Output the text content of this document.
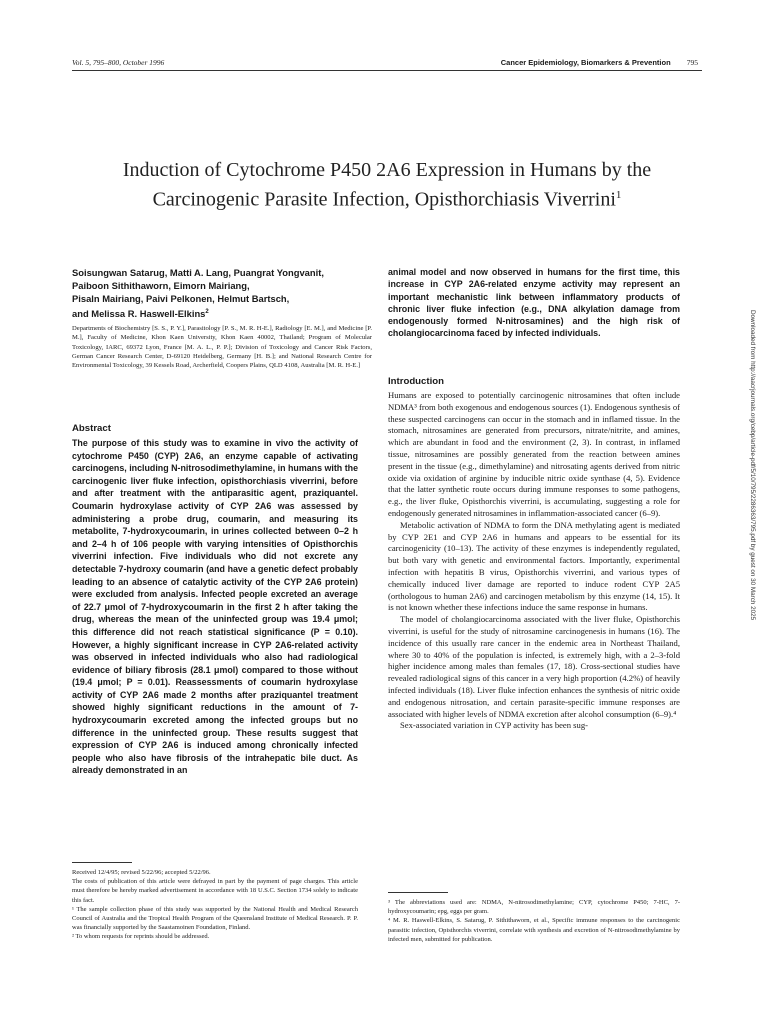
Vol. 5, 795–800, October 1996	Cancer Epidemiology, Biomarkers & Prevention 795
Induction of Cytochrome P450 2A6 Expression in Humans by the
Carcinogenic Parasite Infection, Opisthorchiasis Viverrini$^1$
Soisungwan Satarug, Matti A. Lang, Puangrat Yongvanit,
Paiboon Sithithaworn, Eimorn Mairiang,
Pisaln Mairiang, Paivi Pelkonen, Helmut Bartsch,
and Melissa R. Haswell-Elkins$^2$
Departments of Biochemistry [S. S., P. Y.], Parasitology [P. S., M. R. H-E.], Radiology [E. M.], and Medicine [P. M.], Faculty of Medicine, Khon Kaen University, Khon Kaen 40002, Thailand; Program of Molecular Toxicology, IARC, 69372 Lyon, France [M. A. L., P. P.]; Division of Toxicology and Cancer Risk Factors, German Cancer Research Center, D-69120 Heidelberg, Germany [H. B.]; and National Research Centre for Environmental Toxicology, 39 Kessels Road, Archerfield, Coopers Plains, QLD 4108, Australia [M. R. H-E.]
Abstract
The purpose of this study was to examine in vivo the activity of cytochrome P450 (CYP) 2A6, an enzyme capable of activating carcinogens, including N-nitrosodimethylamine, in humans with the carcinogenic liver fluke infection, opisthorchiasis viverrini, before and after treatment with the antiparasitic agent, praziquantel. Coumarin hydroxylase activity of CYP 2A6 was assessed by administering a probe drug, coumarin, and measuring its metabolite, 7-hydroxycoumarin, in urines collected between 0–2 h and 2–4 h of 106 people with varying intensities of Opisthorchis viverrini infection. Five individuals who did not excrete any detectable 7-hydroxy coumarin (and have a genetic defect probably leading to an absence of catalytic activity of the CYP 2A6 protein) were excluded from analysis. Infected people excreted an average of 22.7 μmol of 7-hydroxycoumarin in the first 2 h after taking the drug, whereas the mean of the uninfected group was 19.4 μmol; this difference did not reach statistical significance (P = 0.10). However, a highly significant increase in CYP 2A6-related activity was observed in infected individuals who also had radiological evidence of biliary fibrosis (28.1 μmol) compared to those without (19.4 μmol; P = 0.01). Reassessments of coumarin hydroxylase activity of CYP 2A6 made 2 months after praziquantel treatment showed highly significant reductions in the amount of 7-hydroxycoumarin excreted among the infected groups but no difference in the uninfected group. These results suggest that expression of CYP 2A6 is induced among chronically infected people who also have fibrosis of the intrahepatic bile duct. As already demonstrated in an
animal model and now observed in humans for the first time, this increase in CYP 2A6-related enzyme activity may represent an important mechanistic link between inflammatory products of chronic liver fluke infection (e.g., DNA alkylation damage from endogenously formed N-nitrosamines) and the high risk of cholangiocarcinoma faced by infected individuals.
Introduction

Humans are exposed to potentially carcinogenic nitrosamines that often include NDMA³ from both exogenous and endogenous sources (1). Endogenous synthesis of these suspected carcinogens can occur in the stomach and in inflamed tissue. In the stomach, nitrosamines are generated from precursors, nitrate/nitrite, and amines, which are abundant in food and the environment (2, 3). In contrast, in inflamed tissue, nitrosamines are possibly generated from the reaction between amines present in the tissue (e.g., dimethylamine) and nitrosating agents derived from nitric oxide via oxidation of arginine by inducible nitric oxide synthase (4, 5). Evidence that the latter synthetic route occurs during immune responses to some pathogens, e.g., the liver fluke, Opisthorchis viverrini, is accumulating, suggesting a role for endogenously generated nitrosamines in inflammation-associated cancer (6–9).

Metabolic activation of NDMA to form the DNA methylating agent is mediated by CYP 2E1 and CYP 2A6 in humans and appears to be essential for its carcinogenicity (10–13). The activity of these enzymes is independently regulated, but both vary with genetic and environmental factors. Importantly, experimental infection with hepatitis B virus, Opisthorchis viverrini, and various types of chemically induced liver damage are reported to induce rodent CYP 2A5 (orthologous to human 2A6) and carcinogen metabolism by this enzyme (14, 15). It is not known whether these infections induce the same response in humans.

The model of cholangiocarcinoma associated with the liver fluke, Opisthorchis viverrini, is useful for the study of nitrosamine carcinogenesis in humans (16). The incidence of this usually rare cancer in the endemic area in Northeast Thailand, where 30 to 40% of the population is infected, is extremely high, with a 2–3-fold higher incidence among males than females (17, 18). Cross-sectional studies have revealed radiological signs of this cancer in a very high proportion (4.2%) of heavily infected individuals (18). Liver fluke infection enhances the synthesis of nitric oxide and endogenous nitrosation, and certain parasite-specific immune responses are associated with higher levels of NDMA excretion after alcohol consumption (6–9).⁴

Sex-associated variation in CYP activity has been sug-

Received 12/4/95; revised 5/22/96; accepted 5/22/96.
The costs of publication of this article were defrayed in part by the payment of page charges. This article must therefore be hereby marked advertisement in accordance with 18 U.S.C. Section 1734 solely to indicate this fact.
¹ The sample collection phase of this study was supported by the National Health and Medical Research Council of Australia and the Tropical Health Program of the Queensland Institute of Medical Research. P. P. was financially supported by the Saastamoinen Foundation, Finland.
² To whom requests for reprints should be addressed.
³ The abbreviations used are: NDMA, N-nitrosodimethylamine; CYP, cytochrome P450; 7-HC, 7-hydroxycoumarin; epg, eggs per gram.
⁴ M. R. Haswell-Elkins, S. Satarug, P. Sithithaworn, et al., Specific immune responses to the carcinogenic parasitic infection, Opisthorchis viverrini, correlate with synthesis and excretion of N-nitrosodimethylamine by infected men, submitted for publication.
Downloaded from http://aacrjournals.org/cebp/article-pdf/5/10/795/2286363/795.pdf by guest on 30 March 2025
